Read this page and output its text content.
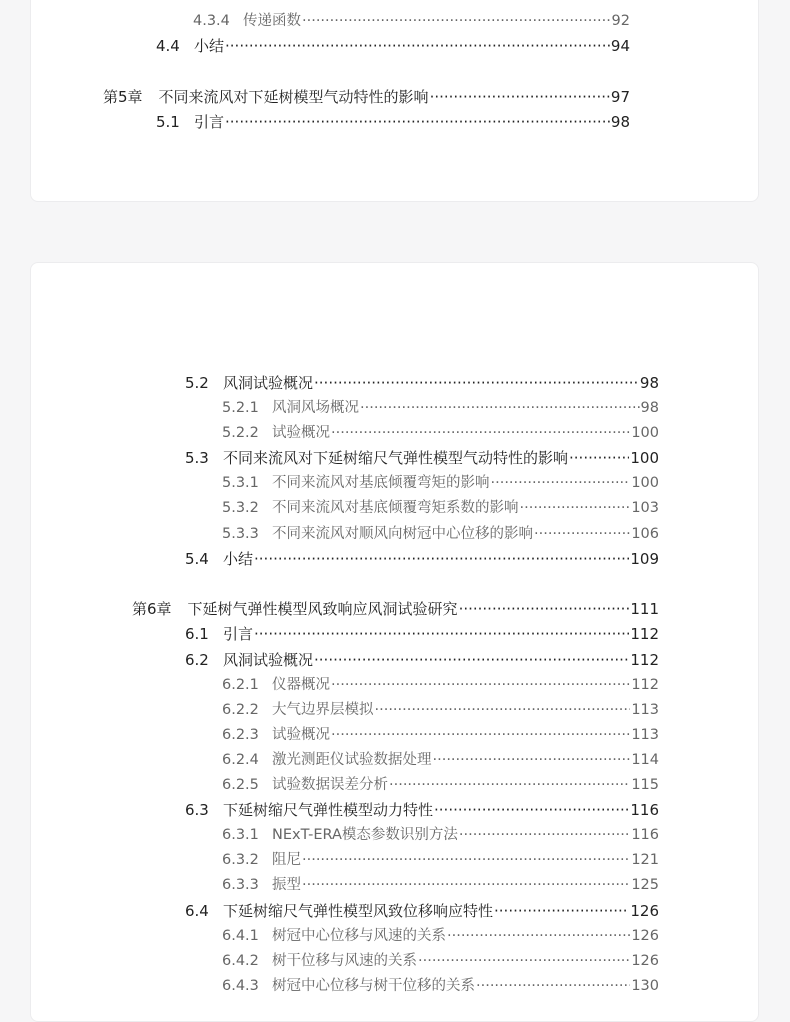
4.3.4 传递函数 ·····	92
4.4 小结 ·····	94
第5章 不同来流风对下延树模型气动特性的影响 ·····	97
5.1 引言 ·····	98
5.2 风洞试验概况 ·····	98
5.2.1 风洞风场概况 ·····	98
5.2.2 试验概况 ·····	100
5.3 不同来流风对下延树缩尺气弹性模型气动特性的影响 ·····	100
5.3.1 不同来流风对基底倾覆弯矩的影响 ·····	100
5.3.2 不同来流风对基底倾覆弯矩系数的影响 ·····	103
5.3.3 不同来流风对顺风向树冠中心位移的影响 ·····	106
5.4 小结 ·····	109
第6章 下延树气弹性模型风致响应风洞试验研究 ·····	111
6.1 引言 ·····	112
6.2 风洞试验概况 ·····	112
6.2.1 仪器概况 ·····	112
6.2.2 大气边界层模拟 ·····	113
6.2.3 试验概况 ·····	113
6.2.4 激光测距仪试验数据处理 ·····	114
6.2.5 试验数据误差分析 ·····	115
6.3 下延树缩尺气弹性模型动力特性 ·····	116
6.3.1 NExT-ERA模态参数识别方法 ·····	116
6.3.2 阻尼 ·····	121
6.3.3 振型 ·····	125
6.4 下延树缩尺气弹性模型风致位移响应特性 ·····	126
6.4.1 树冠中心位移与风速的关系 ·····	126
6.4.2 树干位移与风速的关系 ·····	126
6.4.3 树冠中心位移与树干位移的关系 ·····	130
